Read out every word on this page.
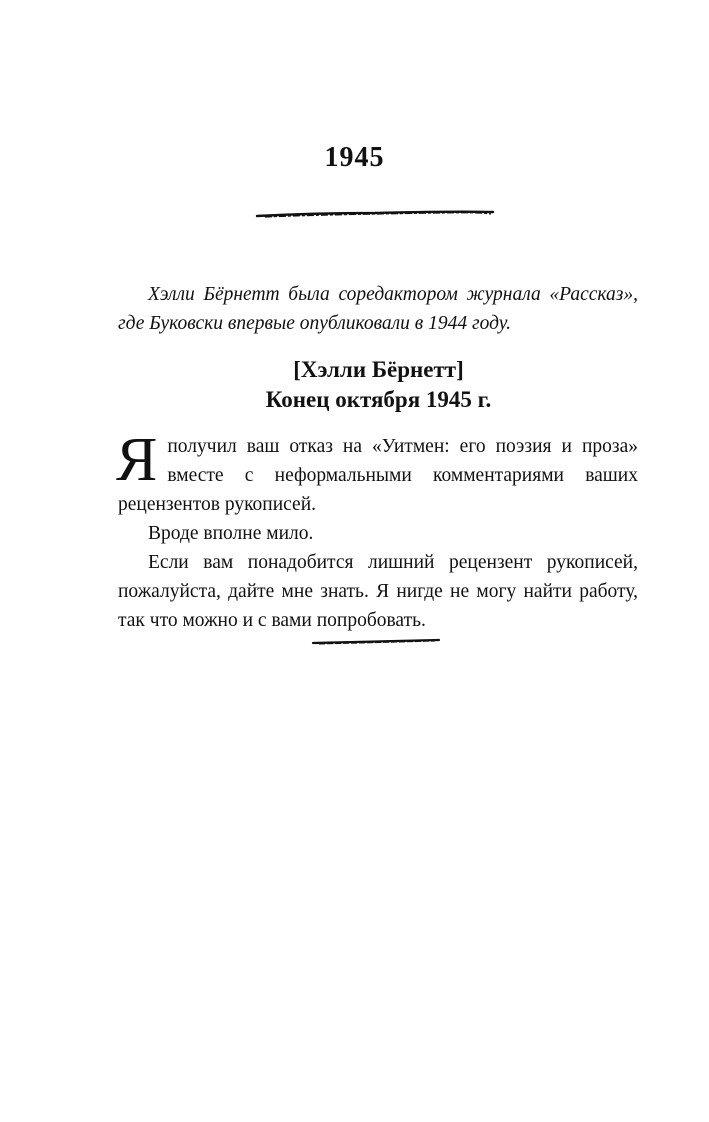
1945

Хэлли Бёрнетт была соредактором журнала «Рассказ», где Буковски впервые опубликовали в 1944 году.

[Хэлли Бёрнетт]
Конец октября 1945 г.

Я получил ваш отказ на «Уитмен: его поэзия и проза» вместе с неформальными комментариями ваших рецензентов рукописей.

Вроде вполне мило.

Если вам понадобится лишний рецензент рукописей, пожалуйста, дайте мне знать. Я нигде не могу найти работу, так что можно и с вами попробовать.
